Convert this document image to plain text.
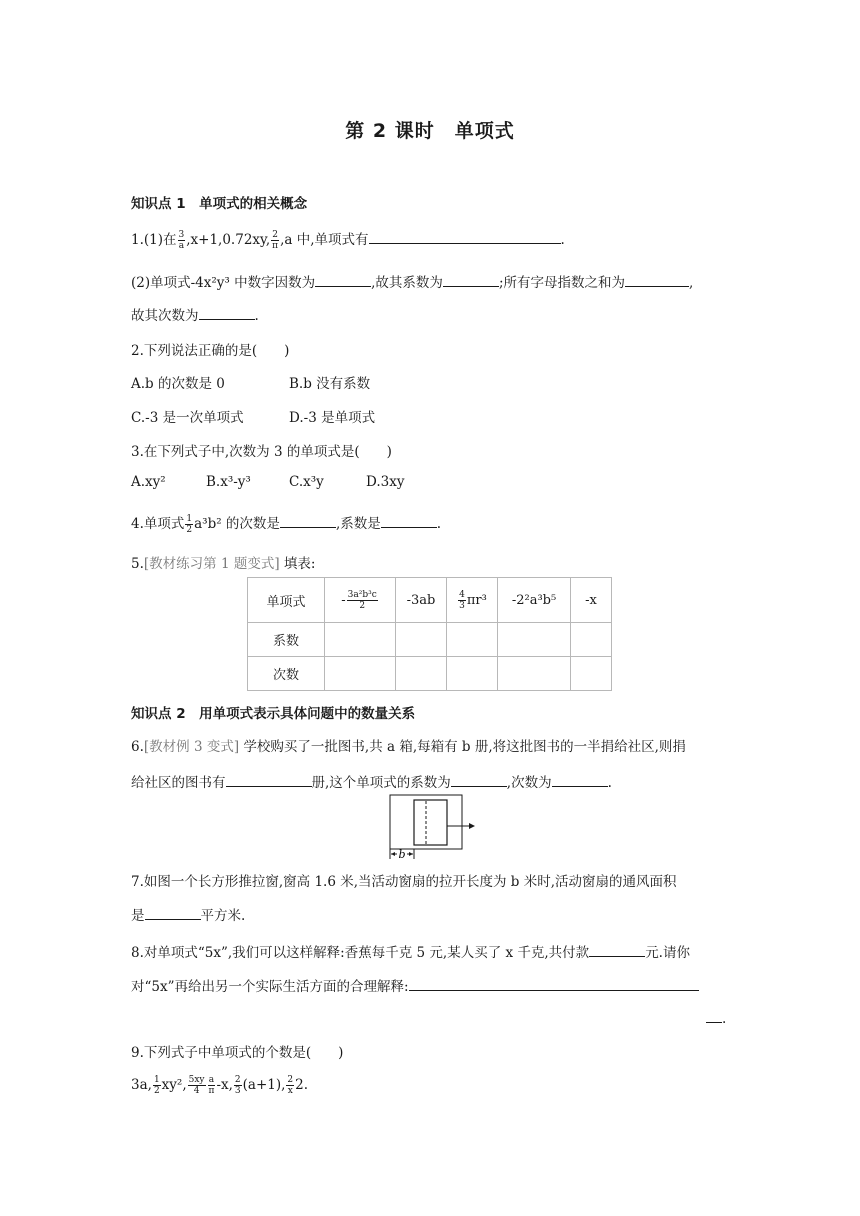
第 2 课时　单项式
知识点 1　单项式的相关概念
1.(1)在 $\frac{3}{a} ,x+1,0.72xy$, $\frac{2}{\pi} ,a$ 中,单项式有	.
(2)单项式-4x²y³ 中数字因数为	,故其系数为	;所有字母指数之和为	,
故其次数为	.
2.下列说法正确的是(　　)
A.b 的次数是 0	B.b 没有系数
C.-3 是一次单项式	D.-3 是单项式
3.在下列式子中,次数为 3 的单项式是(　　)
A.xy²	B.x³-y³	C.x³y	D.3xy
4.单项式 $\frac{1}{2} a^3b^2$ 的次数是	,系数是	.
5.[教材练习第 1 题变式] 填表:
单项式	- $\frac{\text{3a²b³c}}{2}$	-3ab	$\frac{4}{3} \pi r^3$	-2²a³b⁵	-x
系数					
次数					
知识点 2　用单项式表示具体问题中的数量关系
6.[教材例 3 变式] 学校购买了一批图书,共 a 箱,每箱有 b 册,将这批图书的一半捐给社区,则捐
给社区的图书有	册,这个单项式的系数为	,次数为	.
b
7.如图一个长方形推拉窗,窗高 1.6 米,当活动窗扇的拉开长度为 b 米时,活动窗扇的通风面积
是	平方米.
8.对单项式“5x”,我们可以这样解释:香蕉每千克 5 元,某人买了 x 千克,共付款	元.请你
对“5x”再给出另一个实际生活方面的合理解释:
.
9.下列式子中单项式的个数是(　　)
3a, $\frac{1}{2} xy^2$, $\frac{5xy}{4} \frac{a}{\pi} -x$, $\frac{2}{3} (a+1)$, $\frac{2}{x} 2$.
